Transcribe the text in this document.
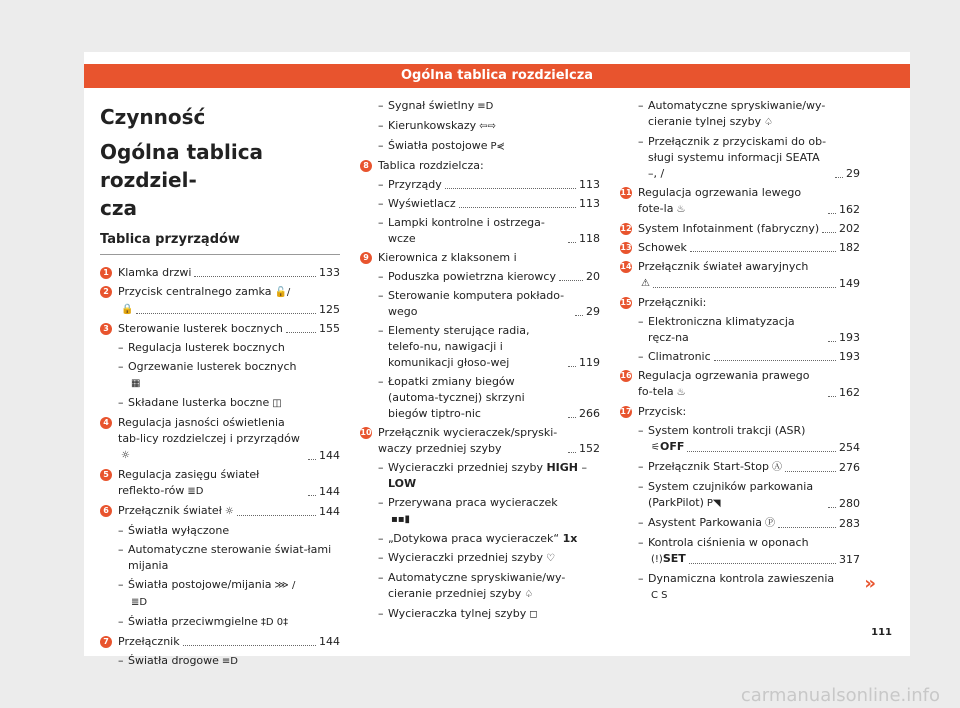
Ogólna tablica rozdzielcza
Czynność
Ogólna tablica rozdziel-
cza
Tablica przyrządów
1 Klamka drzwi	133
2 Przycisk centralnego zamka 🔓/
🔒	125
3 Sterowanie lusterek bocznych	155
– Regulacja lusterek bocznych
– Ogrzewanie lusterek bocznych
▦
– Składane lusterka boczne ◫
4 Regulacja jasności oświetlenia tab-licy rozdzielczej i przyrządów☼	144
5 Regulacja zasięgu świateł reflekto-rów ≣D	144
6 Przełącznik świateł ☼	144
– Światła wyłączone
– Automatyczne sterowanie świat-łami mijania
– Światła postojowe/mijania ⋙ /
≣D
– Światła przeciwmgielne ‡D 0‡
7 Przełącznik	144
– Światła drogowe ≡D
– Sygnał świetlny ≡D
– Kierunkowskazy ⇦⇨
– Światła postojowe P⋞
8 Tablica rozdzielcza:
– Przyrządy	113
– Wyświetlacz	113
– Lampki kontrolne i ostrzega-wcze	118
9 Kierownica z klaksonem i
– Poduszka powietrzna kierowcy	20
– Sterowanie komputera pokłado-wego	29
– Elementy sterujące radia, telefo-nu, nawigacji i komunikacji głoso-wej	119
– Łopatki zmiany biegów (automa-tycznej) skrzyni biegów tiptro-nic	266
10 Przełącznik wycieraczek/spryski-waczy przedniej szyby	152
– Wycieraczki przedniej szyby HIGH –
LOW
– Przerywana praca wycieraczek
▪▪▮
– „Dotykowa praca wycieraczek“ 1x
– Wycieraczki przedniej szyby ♡
– Automatyczne spryskiwanie/wy-cieranie przedniej szyby ♤
– Wycieraczka tylnej szyby ◻
– Automatyczne spryskiwanie/wy-cieranie tylnej szyby ♤
– Przełącznik z przyciskami do ob-sługi systemu informacji SEATA –, /	29
11 Regulacja ogrzewania lewego fote-la ♨	162
12 System Infotainment (fabryczny) 202
13 Schowek	182
14 Przełącznik świateł awaryjnych
⚠	149
15 Przełączniki:
– Elektroniczna klimatyzacja ręcz-na	193
– Climatronic	193
16 Regulacja ogrzewania prawego fo-tela ♨	162
17 Przycisk:
– System kontroli trakcji (ASR)
⚟OFF	254
– Przełącznik Start-Stop Ⓐ	276
– System czujników parkowania (ParkPilot) P◥	280
– Asystent Parkowania Ⓟ	283
– Kontrola ciśnienia w oponach
(!)SET	317
– Dynamiczna kontrola zawieszenia
C S
»
111
carmanualsonline.info
